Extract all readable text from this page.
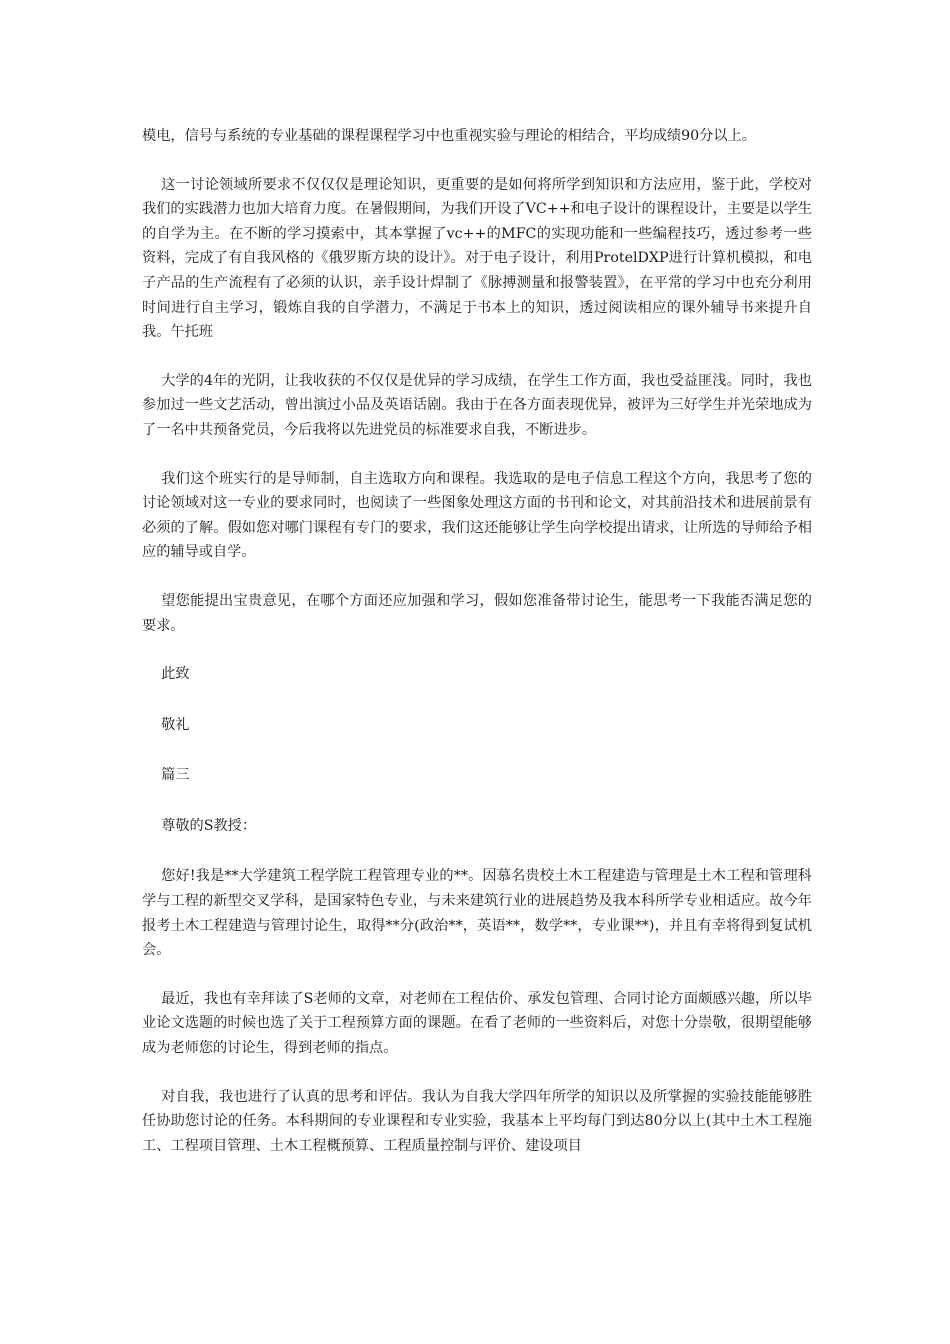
模电，信号与系统的专业基础的课程课程学习中也重视实验与理论的相结合，平均成绩90分以上。

这一讨论领域所要求不仅仅仅是理论知识，更重要的是如何将所学到知识和方法应用，鉴于此，学校对我们的实践潜力也加大培育力度。在暑假期间，为我们开设了VC++和电子设计的课程设计，主要是以学生的自学为主。在不断的学习摸索中，其本掌握了vc++的MFC的实现功能和一些编程技巧，透过参考一些资料，完成了有自我风格的《俄罗斯方块的设计》。对于电子设计，利用ProtelDXP进行计算机模拟，和电子产品的生产流程有了必须的认识，亲手设计焊制了《脉搏测量和报警装置》，在平常的学习中也充分利用时间进行自主学习，锻炼自我的自学潜力，不满足于书本上的知识，透过阅读相应的课外辅导书来提升自我。午托班

大学的4年的光阴，让我收获的不仅仅是优异的学习成绩，在学生工作方面，我也受益匪浅。同时，我也参加过一些文艺活动，曾出演过小品及英语话剧。我由于在各方面表现优异，被评为三好学生并光荣地成为了一名中共预备党员，今后我将以先进党员的标准要求自我，不断进步。

我们这个班实行的是导师制，自主选取方向和课程。我选取的是电子信息工程这个方向，我思考了您的讨论领域对这一专业的要求同时，也阅读了一些图象处理这方面的书刊和论文，对其前沿技术和进展前景有必须的了解。假如您对哪门课程有专门的要求，我们这还能够让学生向学校提出请求，让所选的导师给予相应的辅导或自学。

望您能提出宝贵意见，在哪个方面还应加强和学习，假如您准备带讨论生，能思考一下我能否满足您的要求。

此致

敬礼

篇三

尊敬的S教授：

您好!我是**大学建筑工程学院工程管理专业的**。因慕名贵校土木工程建造与管理是土木工程和管理科学与工程的新型交叉学科，是国家特色专业，与未来建筑行业的进展趋势及我本科所学专业相适应。故今年报考土木工程建造与管理讨论生，取得**分(政治**，英语**，数学**，专业课**)，并且有幸将得到复试机会。

最近，我也有幸拜读了S老师的文章，对老师在工程估价、承发包管理、合同讨论方面颇感兴趣，所以毕业论文选题的时候也选了关于工程预算方面的课题。在看了老师的一些资料后，对您十分崇敬，很期望能够成为老师您的讨论生，得到老师的指点。

对自我，我也进行了认真的思考和评估。我认为自我大学四年所学的知识以及所掌握的实验技能能够胜任协助您讨论的任务。本科期间的专业课程和专业实验，我基本上平均每门到达80分以上(其中土木工程施工、工程项目管理、土木工程概预算、工程质量控制与评价、建设项目
